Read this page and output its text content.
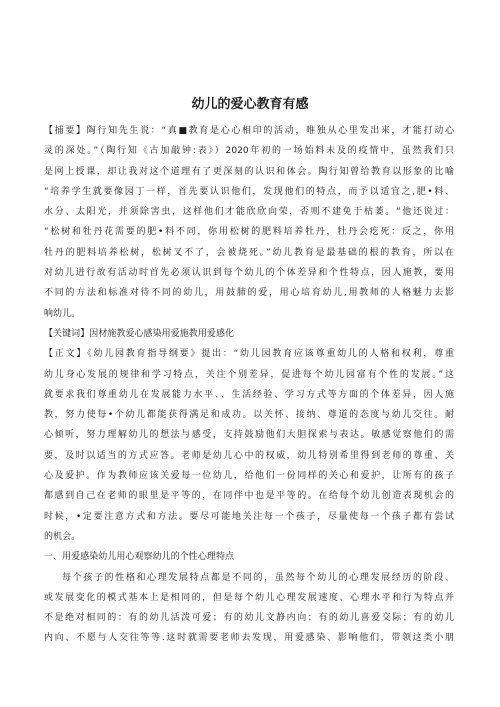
幼儿的爱心教育有感
【捕要】陶行知先生说：“真■教育是心心相印的活动，唯独从心里发出来，才能打动心
灵的深处。”（陶行知《古加敲钟:表》）2020年初的一场始料未及的疫情中，虽然我们只
是网上授课，却让我对这个道理有了更深刻的认识和体会。陶行知曾给教育以形象的比喻
“培养学生就要像园丁一样，首先要认识他们，发现他们的特点，而予以适宜之,肥•料、
水分、太阳光，并须除害虫，这样他们才能欣欣向荣，否则不建免于枯萎。“他还说过：
“松树和牡丹花需要的肥•料不同，你用松树的肥料培养牡丹，牡丹会疙死：反之，你用
牡丹的肥料培养松树，松树叉不了，会被烧死。”幼儿教育是最基础的根的教育，所以在
对幼儿进行故有活动时首先必须认识到每个幼儿的个体差异和个性特点，因人施教，要用
不同的方法和标准对待不同的幼儿，用鼓肺的爱，用心培育幼儿,用教师的人格魅力去影
响幼儿。
【关键词】因材施教爱心感染用爱施教用爱感化
【正文】《幼儿园教育指导纲要》提出：“幼儿园教育应该尊重幼儿的人格和权利，尊重
幼儿身心发展的规律和学习特点，关注个别差异，促进每个幼儿园富有个性的发展。”这
就要求我们尊重幼儿在发展能力水平、、生活经验、学习方式等方面的个体差异，因人施
教，努力使每•个幼儿都能获得满足和成功。以关怀、接纳、尊道的态度与幼儿交往。耐
心倾听，努力理解幼儿的想法与感受，支持鼓励他们大胆探索与表达。敏感觉察他们的需
要，及时以适当的方式应答。老师是幼儿心中的权威，幼儿特别希里得到老师的尊重、关
心及爱护。作为教师应该关爱每一位幼儿，给他们一份同样的关心和爱护，让所有的孩子
都感到自己在老师的眼里是平等的，在同伴中也是平等的。在给每个幼儿创造表现机会的
时候，•定要注意方式和方法。要尽可能地关注每一个孩子，尽量使每一个孩子都有尝试
的机会。
一、用爱感染幼儿用心观察幼儿的个性心理特点
每个孩子的性格和心理发展特点都是不同的，虽然每个幼儿的心理发展经历的阶段、
或发展变化的模式基本上是相同的，但是每个幼儿心理发展速度、心理水平和行为特点并
不是绝对相同的：有的幼儿活泼可爱；有的幼儿文静内向；有的幼儿喜爱交际；有的幼儿
内向、不愿与人交往等等.这时就需要老师去发现，用爱感染、影响他们，带领这类小朋
